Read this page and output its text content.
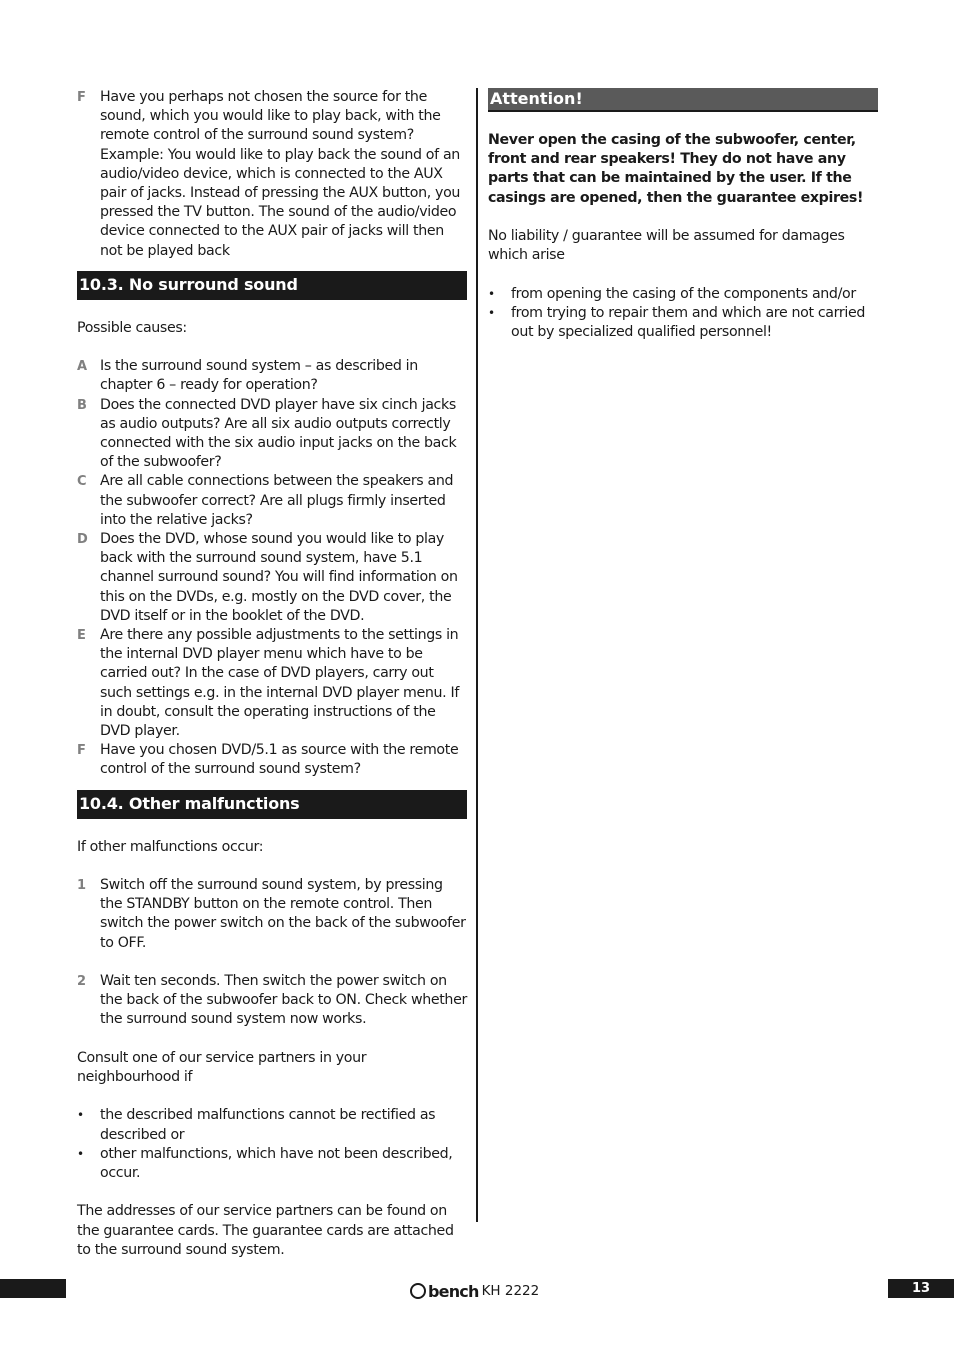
F Have you perhaps not chosen the source for the sound, which you would like to play back, with the remote control of the surround sound system? Example: You would like to play back the sound of an audio/video device, which is connected to the AUX pair of jacks. Instead of pressing the AUX button, you pressed the TV button. The sound of the audio/video device connected to the AUX pair of jacks will then not be played back
10.3. No surround sound

Possible causes:

A Is the surround sound system – as described in chapter 6 – ready for operation?
B Does the connected DVD player have six cinch jacks as audio outputs? Are all six audio outputs correctly connected with the six audio input jacks on the back of the subwoofer?
C Are all cable connections between the speakers and the subwoofer correct? Are all plugs firmly inserted into the relative jacks?
D Does the DVD, whose sound you would like to play back with the surround sound system, have 5.1 channel surround sound? You will find information on this on the DVDs, e.g. mostly on the DVD cover, the DVD itself or in the booklet of the DVD.
E Are there any possible adjustments to the settings in the internal DVD player menu which have to be carried out? In the case of DVD players, carry out such settings e.g. in the internal DVD player menu. If in doubt, consult the operating instructions of the DVD player.
F Have you chosen DVD/5.1 as source with the remote control of the surround sound system?
10.4. Other malfunctions

If other malfunctions occur:

1 Switch off the surround sound system, by pressing the STANDBY button on the remote control. Then switch the power switch on the back of the subwoofer to OFF.
2 Wait ten seconds. Then switch the power switch on the back of the subwoofer back to ON. Check whether the surround sound system now works.

Consult one of our service partners in your neighbourhood if

• the described malfunctions cannot be rectified as described or
• other malfunctions, which have not been described, occur.

The addresses of our service partners can be found on the guarantee cards. The guarantee cards are attached to the surround sound system.

Attention!

Never open the casing of the subwoofer, center, front and rear speakers! They do not have any parts that can be maintained by the user. If the casings are opened, then the guarantee expires!

No liability / guarantee will be assumed for damages which arise

• from opening the casing of the components and/or
• from trying to repair them and which are not carried out by specialized qualified personnel!
bench KH 2222	13
